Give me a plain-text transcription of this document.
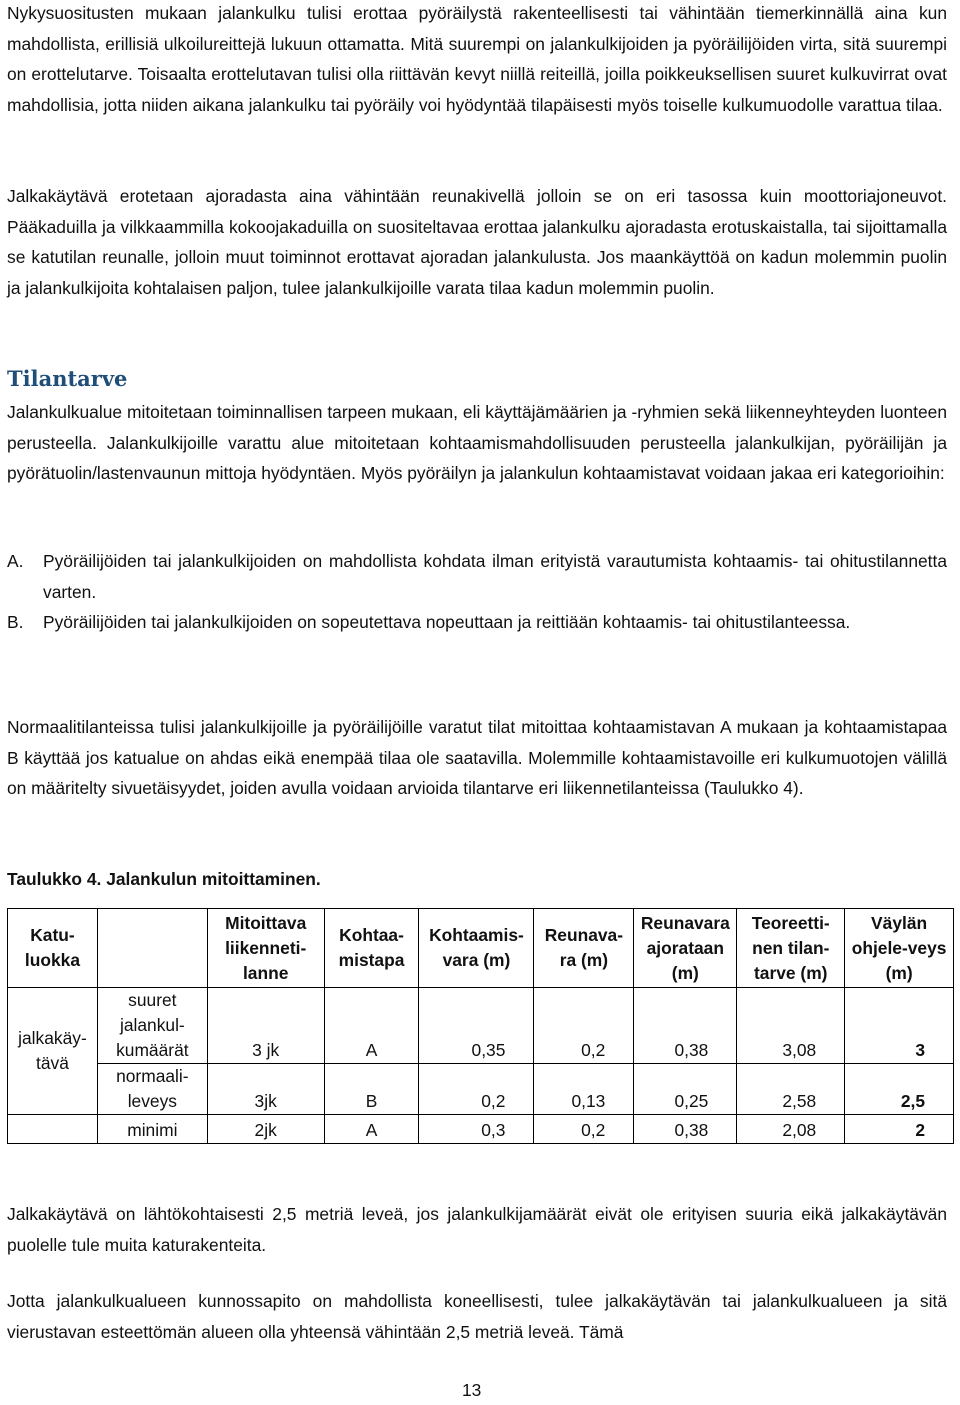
Nykysuositusten mukaan jalankulku tulisi erottaa pyöräilystä rakenteellisesti tai vähintään tiemerkinnällä aina kun mahdollista, erillisiä ulkoilureittejä lukuun ottamatta. Mitä suurempi on jalankulkijoiden ja pyöräilijöiden virta, sitä suurempi on erottelutarve. Toisaalta erottelutavan tulisi olla riittävän kevyt niillä reiteillä, joilla poikkeuksellisen suuret kulkuvirrat ovat mahdollisia, jotta niiden aikana jalankulku tai pyöräily voi hyödyntää tilapäisesti myös toiselle kulkumuodolle varattua tilaa.

Jalkakäytävä erotetaan ajoradasta aina vähintään reunakivellä jolloin se on eri tasossa kuin moottoriajoneuvot. Pääkaduilla ja vilkkaammilla kokoojakaduilla on suositeltavaa erottaa jalankulku ajoradasta erotuskaistalla, tai sijoittamalla se katutilan reunalle, jolloin muut toiminnot erottavat ajoradan jalankulusta. Jos maankäyttöä on kadun molemmin puolin ja jalankulkijoita kohtalaisen paljon, tulee jalankulkijoille varata tilaa kadun molemmin puolin.

Tilantarve

Jalankulkualue mitoitetaan toiminnallisen tarpeen mukaan, eli käyttäjämäärien ja -ryhmien sekä liikenneyhteyden luonteen perusteella. Jalankulkijoille varattu alue mitoitetaan kohtaamismahdollisuuden perusteella jalankulkijan, pyöräilijän ja pyörätuolin/lastenvaunun mittoja hyödyntäen. Myös pyöräilyn ja jalankulun kohtaamistavat voidaan jakaa eri kategorioihin:

A.	Pyöräilijöiden tai jalankulkijoiden on mahdollista kohdata ilman erityistä varautumista kohtaamis- tai ohitustilannetta varten.

B.	Pyöräilijöiden tai jalankulkijoiden on sopeutettava nopeuttaan ja reittiään kohtaamis- tai ohitustilanteessa.

Normaalitilanteissa tulisi jalankulkijoille ja pyöräilijöille varatut tilat mitoittaa kohtaamistavan A mukaan ja kohtaamistapaa B käyttää jos katualue on ahdas eikä enempää tilaa ole saatavilla. Molemmille kohtaamistavoille eri kulkumuotojen välillä on määritelty sivuetäisyydet, joiden avulla voidaan arvioida tilantarve eri liikennetilanteissa (Taulukko 4).

Taulukko 4. Jalankulun mitoittaminen.
Katu-luokka		Mitoittava liikenneti-lanne	Kohtaa-mistapa	Kohtaamis-vara (m)	Reunava-ra (m)	Reunavara ajorataan (m)	Teoreetti-nen tilan-tarve (m)	Väylän ohjele-veys (m)
jalkakäy-tävä	suuret jalankul-kumäärät	3 jk	A	0,35	0,2	0,38	3,08	3
	normaali-leveys	3jk	B	0,2	0,13	0,25	2,58	2,5
	minimi	2jk	A	0,3	0,2	0,38	2,08	2

Jalkakäytävä on lähtökohtaisesti 2,5 metriä leveä, jos jalankulkijamäärät eivät ole erityisen suuria eikä jalkakäytävän puolelle tule muita katurakenteita.

Jotta jalankulkualueen kunnossapito on mahdollista koneellisesti, tulee jalkakäytävän tai jalankulkualueen ja sitä vierustavan esteettömän alueen olla yhteensä vähintään 2,5 metriä leveä. Tämä

13
